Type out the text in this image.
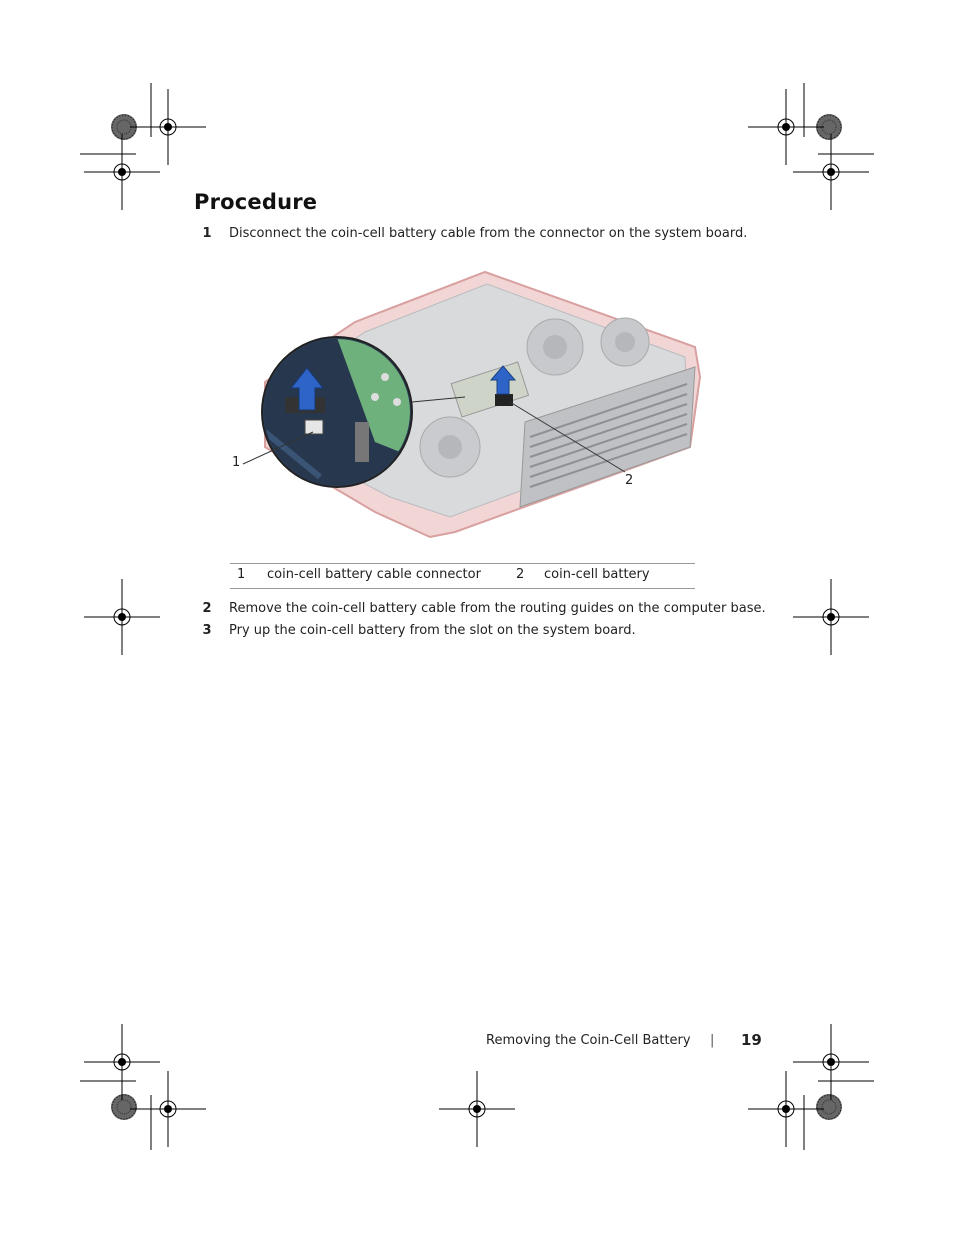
Procedure
1 Disconnect the coin-cell battery cable from the connector on the system board.
1
2
1 coin-cell battery cable connector	2 coin-cell battery
2 Remove the coin-cell battery cable from the routing guides on the computer base.
3 Pry up the coin-cell battery from the slot on the system board.
Removing the Coin-Cell Battery | 19
